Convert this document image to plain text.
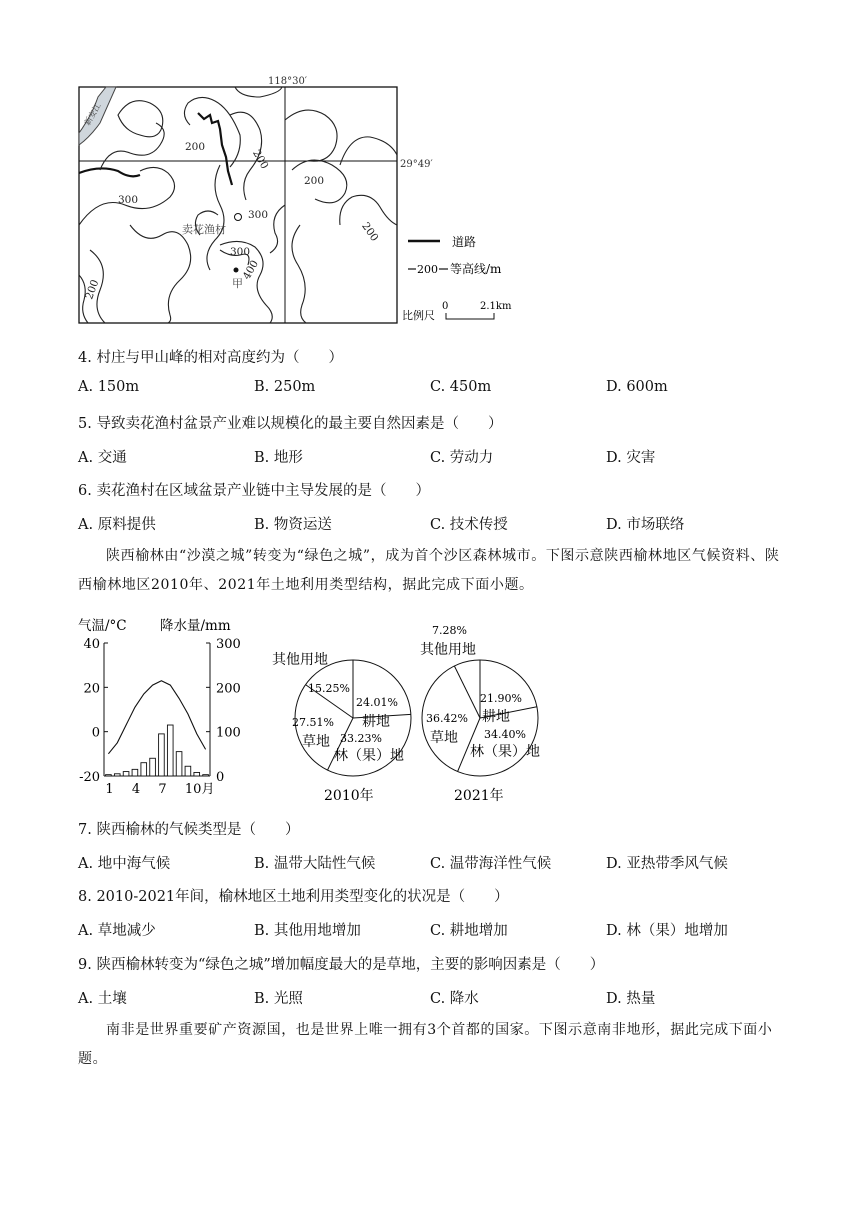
新安江
118°30′
29°49′
卖花渔村
甲
200
200
200
300
300
300
400
200
200
道路
200 等高线/m
比例尺
0	2.1km
4. 村庄与甲山峰的相对高度约为（　　）
A. 150m	B. 250m	C. 450m	D. 600m
5. 导致卖花渔村盆景产业难以规模化的最主要自然因素是（　　）
A. 交通	B. 地形	C. 劳动力	D. 灾害
6. 卖花渔村在区域盆景产业链中主导发展的是（　　）
A. 原料提供	B. 物资运送	C. 技术传授	D. 市场联络
陕西榆林由“沙漠之城”转变为“绿色之城”，成为首个沙区森林城市。下图示意陕西榆林地区气候资料、陕西榆林地区2010年、2021年土地利用类型结构，据此完成下面小题。
气温/°C 降水量/mm
40
20
0
-20
300
200
100
0
1 4 7 10月
其他用地
15.25%
24.01%
耕地
27.51%
草地 33.23%
林（果）地
2010年
7.28%
其他用地
21.90%
耕地
36.42%
草地 34.40%
林（果）地
2021年
7. 陕西榆林的气候类型是（　　）
A. 地中海气候	B. 温带大陆性气候	C. 温带海洋性气候	D. 亚热带季风气候
8. 2010-2021年间，榆林地区土地利用类型变化的状况是（　　）
A. 草地减少	B. 其他用地增加	C. 耕地增加	D. 林（果）地增加
9. 陕西榆林转变为“绿色之城”增加幅度最大的是草地，主要的影响因素是（　　）
A. 土壤	B. 光照	C. 降水	D. 热量
南非是世界重要矿产资源国，也是世界上唯一拥有3个首都的国家。下图示意南非地形，据此完成下面小题。
